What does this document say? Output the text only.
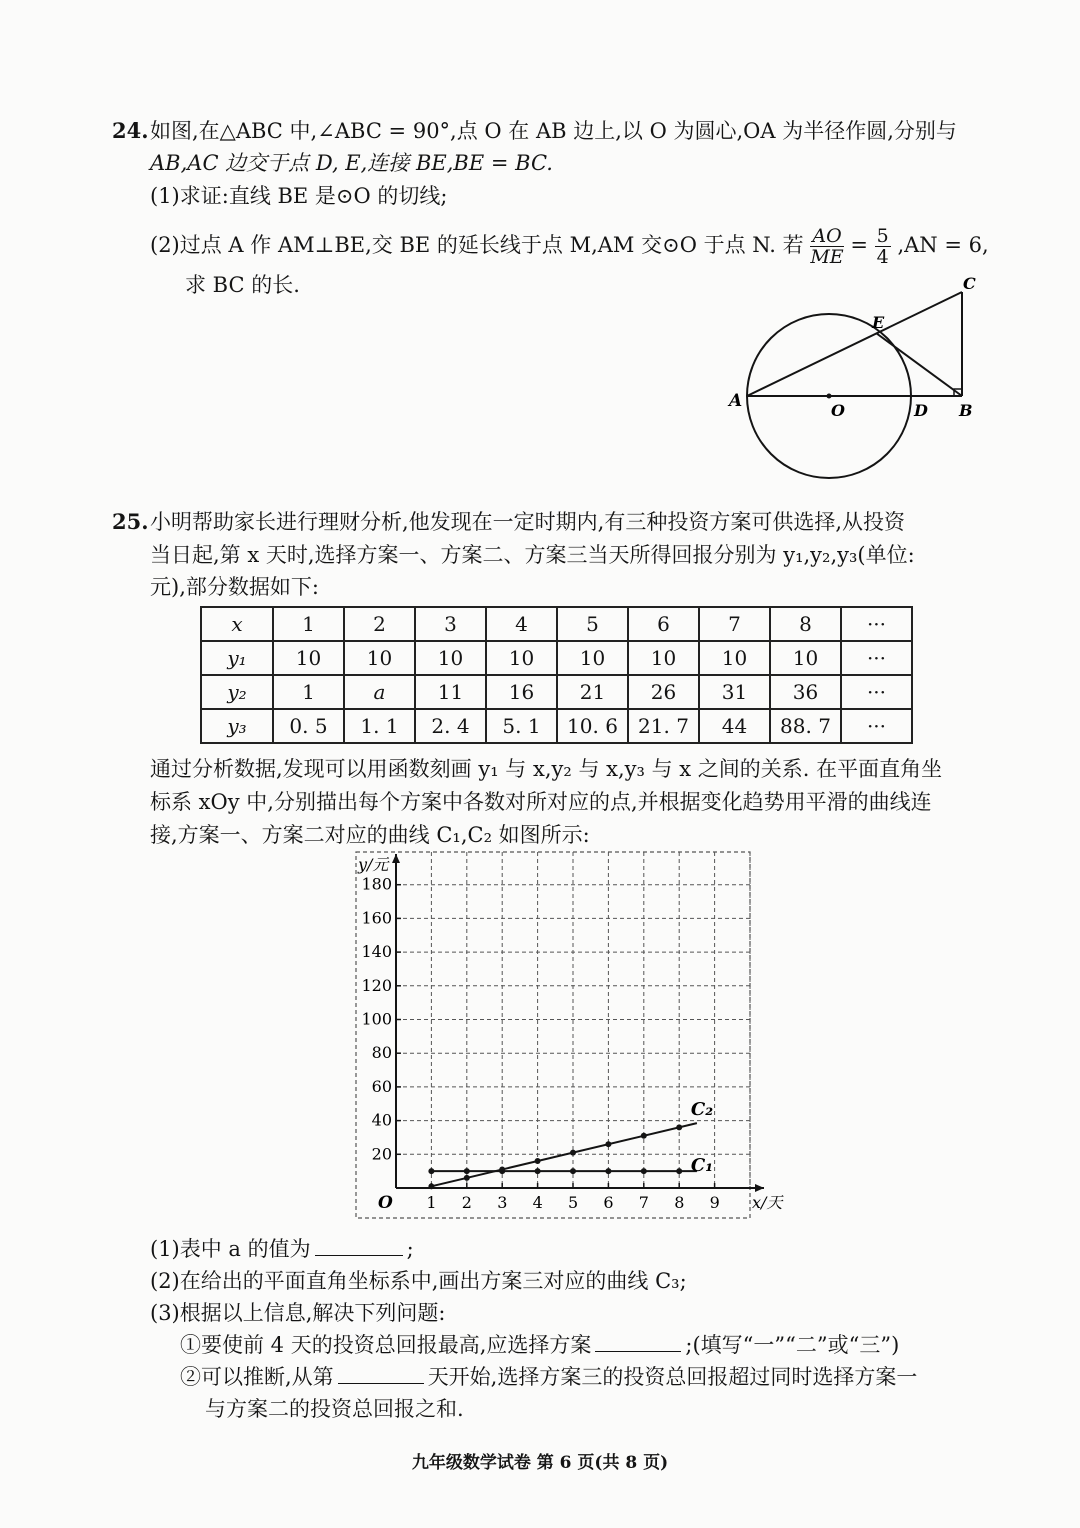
24. 如图,在△ABC 中,∠ABC = 90°,点 O 在 AB 边上,以 O 为圆心,OA 为半径作圆,分别与
AB,AC 边交于点 D, E,连接 BE,BE = BC.
(1)求证:直线 BE 是⊙O 的切线;
(2)过点 A 作 AM⊥BE,交 BE 的延长线于点 M,AM 交⊙O 于点 N. 若 $\frac{AO}{ME} = \frac{5}{4} ,AN = 6$,
求 BC 的长.
A	O	D B
E
C
25. 小明帮助家长进行理财分析,他发现在一定时期内,有三种投资方案可供选择,从投资
当日起,第 x 天时,选择方案一、方案二、方案三当天所得回报分别为 y₁,y₂,y₃(单位:
元),部分数据如下:
x	1	2	3	4	5	6	7	8	···
y₁	10	10	10	10	10	10	10	10	···
y₂	1	a	11	16	21	26	31	36	···
y₃	0. 5	1. 1	2. 4	5. 1	10. 6	21. 7	44	88. 7	···
通过分析数据,发现可以用函数刻画 y₁ 与 x,y₂ 与 x,y₃ 与 x 之间的关系. 在平面直角坐
标系 xOy 中,分别描出每个方案中各数对所对应的点,并根据变化趋势用平滑的曲线连
接,方案一、方案二对应的曲线 C₁,C₂ 如图所示:
1 2 3 4 5 6 7 8 9
20
40
60
80
100
120
140
160
180
O	x/天
y/元
C₁
C₂
(1)表中 a 的值为	;
(2)在给出的平面直角坐标系中,画出方案三对应的曲线 C₃;
(3)根据以上信息,解决下列问题:
①要使前 4 天的投资总回报最高,应选择方案	;(填写“一”“二”或“三”)
②可以推断,从第	天开始,选择方案三的投资总回报超过同时选择方案一
与方案二的投资总回报之和.
九年级数学试卷 第 6 页(共 8 页)
